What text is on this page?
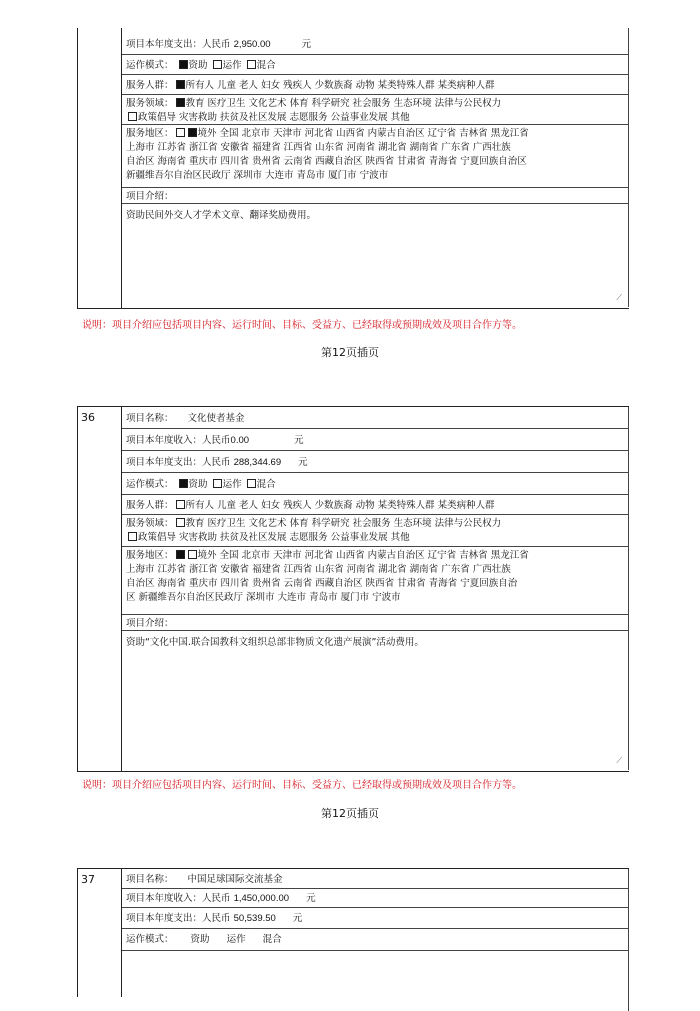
项目本年度支出：人民币 2,950.00	元
运作模式： 资助 运作 混合
服务人群： 所有人 儿童 老人 妇女 残疾人 少数族裔 动物 某类特殊人群 某类病种人群
服务领域： 教育 医疗卫生 文化艺术 体育 科学研究 社会服务 生态环境 法律与公民权力
政策倡导 灾害救助 扶贫及社区发展 志愿服务 公益事业发展 其他
服务地区：	境外 全国 北京市 天津市 河北省 山西省 内蒙古自治区 辽宁省 吉林省 黑龙江省
上海市 江苏省 浙江省 安徽省 福建省 江西省 山东省 河南省 湖北省 湖南省 广东省 广西壮族
自治区 海南省 重庆市 四川省 贵州省 云南省 西藏自治区 陕西省 甘肃省 青海省 宁夏回族自治区
新疆维吾尔自治区民政厅 深圳市 大连市 青岛市 厦门市 宁波市
项目介绍：
资助民间外交人才学术文章、翻译奖励费用。
⟋
说明：项目介绍应包括项目内容、运行时间、目标、受益方、已经取得或预期成效及项目合作方等。
第12页插页
36	项目名称： 文化使者基金
项目本年度收入：人民币0.00	元
项目本年度支出：人民币 288,344.69 元
运作模式： 资助 运作 混合
服务人群： 所有人 儿童 老人 妇女 残疾人 少数族裔 动物 某类特殊人群 某类病种人群
服务领域： 教育 医疗卫生 文化艺术 体育 科学研究 社会服务 生态环境 法律与公民权力
政策倡导 灾害救助 扶贫及社区发展 志愿服务 公益事业发展 其他
服务地区：	境外 全国 北京市 天津市 河北省 山西省 内蒙古自治区 辽宁省 吉林省 黑龙江省
上海市 江苏省 浙江省 安徽省 福建省 江西省 山东省 河南省 湖北省 湖南省 广东省 广西壮族
自治区 海南省 重庆市 四川省 贵州省 云南省 西藏自治区 陕西省 甘肃省 青海省 宁夏回族自治
区 新疆维吾尔自治区民政厅 深圳市 大连市 青岛市 厦门市 宁波市
项目介绍：
资助“文化中国.联合国教科文组织总部非物质文化遗产展演”活动费用。
⟋
说明：项目介绍应包括项目内容、运行时间、目标、受益方、已经取得或预期成效及项目合作方等。
第12页插页
37	项目名称： 中国足球国际交流基金
项目本年度收入：人民币 1,450,000.00 元
项目本年度支出：人民币 50,539.50 元
运作模式： 资助 运作 混合
